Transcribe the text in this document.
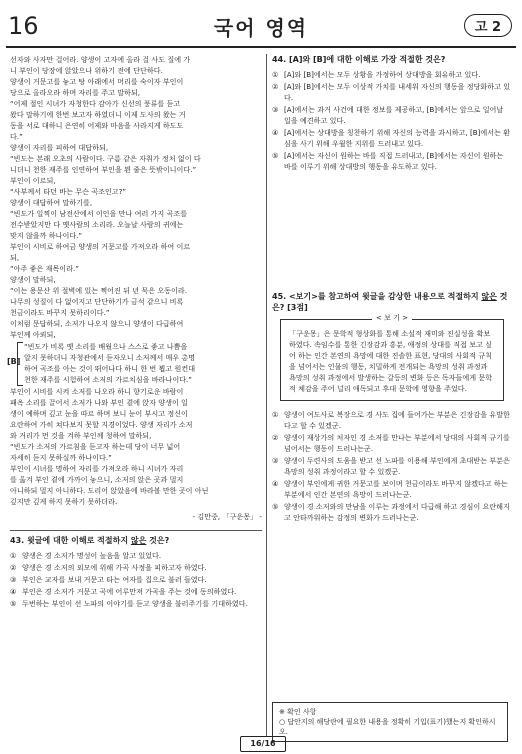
16	국어 영역	고 2

선자와 사자만 걸어라. 양생이 고자에 올라 걸 사도 질에 가

니 부인이 당장에 앉았으나 위하기 전에 단단하다.

양생이 거문고를 놓고 탕 아래에서 머리를 숙이자 부인이

당으로 올라오라 하며 자리를 주고 말하되,

“어제 절인 시녀가 자청한다 감아가 신선의 풍류를 듣고

왔다 말하기에 한번 보고자 하였더니 이제 도사의 왔는 거

동을 서로 대하니 은연히 어제와 마음을 사라지게 하도도

다.”

양생이 자리를 피하여 대답하되,

“빈도는 본래 오초의 사람이다. 구름 같은 자취가 정처 없이 다

니더니 천한 재주를 인연하여 부인을 뵌 줄은 뜻밖이니이다.”

부인이 이르되,

“사부께서 타던 바는 무슨 곡조인고?”

양생이 대답하여 말하기를,

“빈도가 일찍이 남전산에서 이인을 만나 여러 가지 곡조를

전수받았지만 다 옛사람의 소리라. 오늘날 사람의 귀에는

맞지 않을까 하나이다.”

부인이 시비로 하여금 양생의 거문고를 가져오라 하여 이르

되,

“아주 좋은 재목이라.”

양생이 말하되,

“이는 용문산 위 절벽에 있는 쩍어진 뒤 년 묵은 오동이라.

나무의 성질이 다 없어지고 단단하기가 금석 같으니 비록

천금이라도 바꾸지 못하리이다.”

이처럼 문답하되, 소저가 나오지 않으니 양생이 다급하여

부인께 아뢰되,

[B]

“빈도가 비록 옛 소리를 배웠으나 스스로 좋고 나쁨을

알지 못하더니 자청관에서 듣자오니 소저께서 매우 총명

하여 곡조를 아는 것이 뛰어나다 하니 한 번 뵙고 원컨대

천한 재주를 시험하여 소저의 가르치심을 바라나이다.”

부인이 시비를 시켜 소저를 나오라 하니 향기로운 바람이

패옥 소리를 끌어서 소저가 나와 부인 곁에 앉자 양생이 일

생이 예하며 깊고 눈을 따르 하며 보니 눈이 부시고 정신이

요란하여 가히 쳐다보지 못할 지경이었다. 양생 자리가 소저

와 거리가 먼 것을 겨하 부인께 청하여 말하되,

“빈도가 소저의 가르침을 듣고자 하는데 당이 너무 넓어

자세히 듣지 못하실까 하나이다.”

부인이 시녀를 명하여 자리를 가져오라 하니 시녀가 자리

를 옮겨 부인 곁에 가까이 놓으니, 소저의 앉은 곳과 멀지

아니하되 멀지 아니하다. 도리어 앉았음에 바라볼 만한 곳이 아닌

깊지만 깊게 하지 못하기 못하더라.

- 김만중, 「구운몽」 -

43. 윗글에 대한 이해로 적절하지 않은 것은?
① 양생은 경 소저가 명성이 높음을 알고 있었다.
② 양생은 경 소저의 외모에 위해 가곡 사정을 피하고자 하였다.
③ 부인은 교자를 보내 거문고 타는 여자를 집으로 불러 들였다.
④ 부인은 경 소저가 거문고 곡에 어루만져 가곡을 주는 것에 동의하였다.
⑤ 두번하는 부인이 선 노파의 이야기를 듣고 양생을 불러주기를 기대하였다.
44. [A]와 [B]에 대한 이해로 가장 적절한 것은?
① [A]와 [B]에서는 모두 상황을 가정하여 상대방을 회유하고 있다.
② [A]와 [B]에서는 모두 이상적 가치를 내세워 자신의 행동을 정당화하고 있다.
③ [A]에서는 과거 사건에 대한 정보를 제공하고, [B]에서는 앞으로 일어날 일을 예견하고 있다.
④ [A]에서는 상대방을 칭찬하기 위해 자신의 능력을 과시하고, [B]에서는 환심을 사기 위해 우월한 지위를 드러내고 있다.
⑤ [A]에서는 자신이 원하는 바를 직접 드러내고, [B]에서는 자신이 원하는 바를 이루기 위해 상대방의 행동을 유도하고 있다.
45. <보기>를 참고하여 윗글을 감상한 내용으로 적절하지 않은 것은? [3점]
< 보 기 >

「구운몽」은 문학적 형상화를 통해 소설적 재미와 진실성을 확보하였다. 속임수를 통한 긴장감과 흥분, 애정의 상대를 직접 보고 싶어 하는 인간 본연의 욕망에 대한 진솔한 표현, 당대의 사회적 규칙을 넘어서는 인물의 행동, 치밀하게 전개되는 욕망의 성취 과정과 욕망의 성취 과정에서 발생하는 갈등의 변화 등은 독자들에게 문학적 체감을 주어 널리 애독되고 후대 문학에 영향을 주었다.

① 양생이 여도사로 복장으로 경 사도 집에 들어가는 부분은 긴장감을 유발한다고 할 수 있겠군.
② 양생이 재상가의 처자인 경 소저를 만나는 부분에서 당대의 사회적 규기를 넘어서는 행동이 드러나는군.
③ 양생이 두련사의 도움을 받고 선 노파를 이용해 부인에게 초대받는 부분은 욕망의 성취 과정이라고 할 수 있겠군.
④ 양생이 부인에게 귀한 거문고를 보이며 천금이라도 바꾸지 않겠다고 하는 부분에서 인간 본연의 욕망이 드러나는군.
⑤ 양생이 경 소저와의 만남을 이루는 과정에서 다급해 하고 경심이 요란해지고 안타까워하는 감정의 변화가 드러나는군.
※ 확인 사항
○ 답안지의 해당란에 필요한 내용을 정확히 기입(표기)했는지 확인하시오.
16/16
